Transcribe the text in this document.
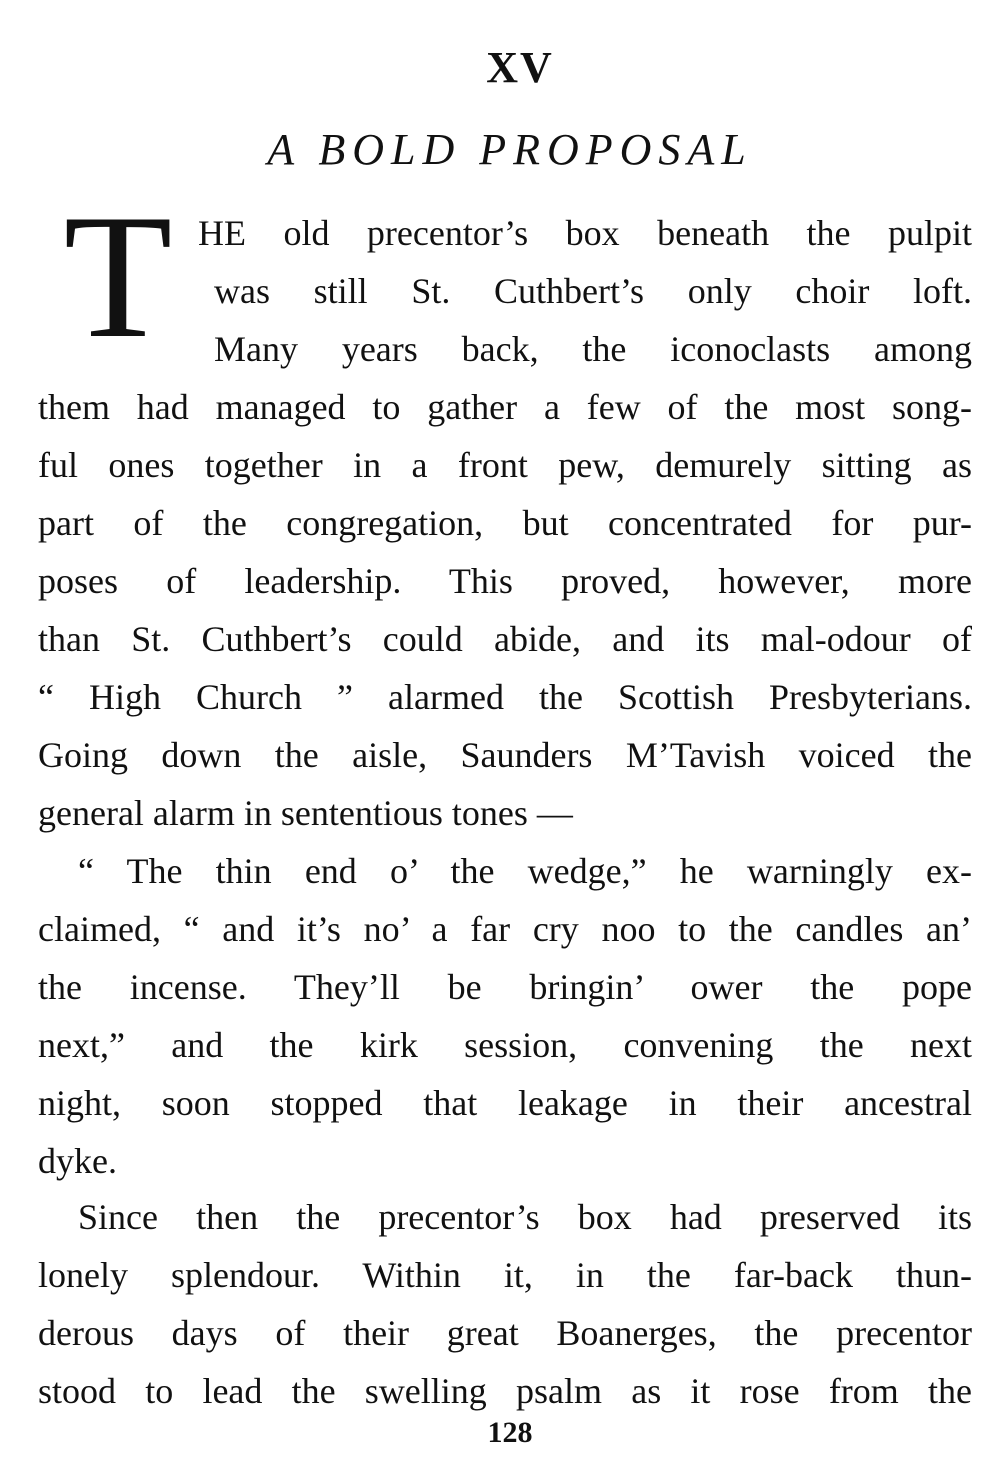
XV
A BOLD PROPOSAL
T HE old precentor’s box beneath the pulpit
was still St. Cuthbert’s only choir loft.
Many years back, the iconoclasts among
them had managed to gather a few of the most song-
ful ones together in a front pew, demurely sitting as
part of the congregation, but concentrated for pur-
poses of leadership. This proved, however, more
than St. Cuthbert’s could abide, and its mal-odour of
“ High Church ” alarmed the Scottish Presbyterians.
Going down the aisle, Saunders M’Tavish voiced the
general alarm in sententious tones —
“ The thin end o’ the wedge,” he warningly ex-
claimed, “ and it’s no’ a far cry noo to the candles an’
the incense. They’ll be bringin’ ower the pope
next,” and the kirk session, convening the next
night, soon stopped that leakage in their ancestral
dyke.
Since then the precentor’s box had preserved its
lonely splendour. Within it, in the far-back thun-
derous days of their great Boanerges, the precentor
stood to lead the swelling psalm as it rose from the
128
